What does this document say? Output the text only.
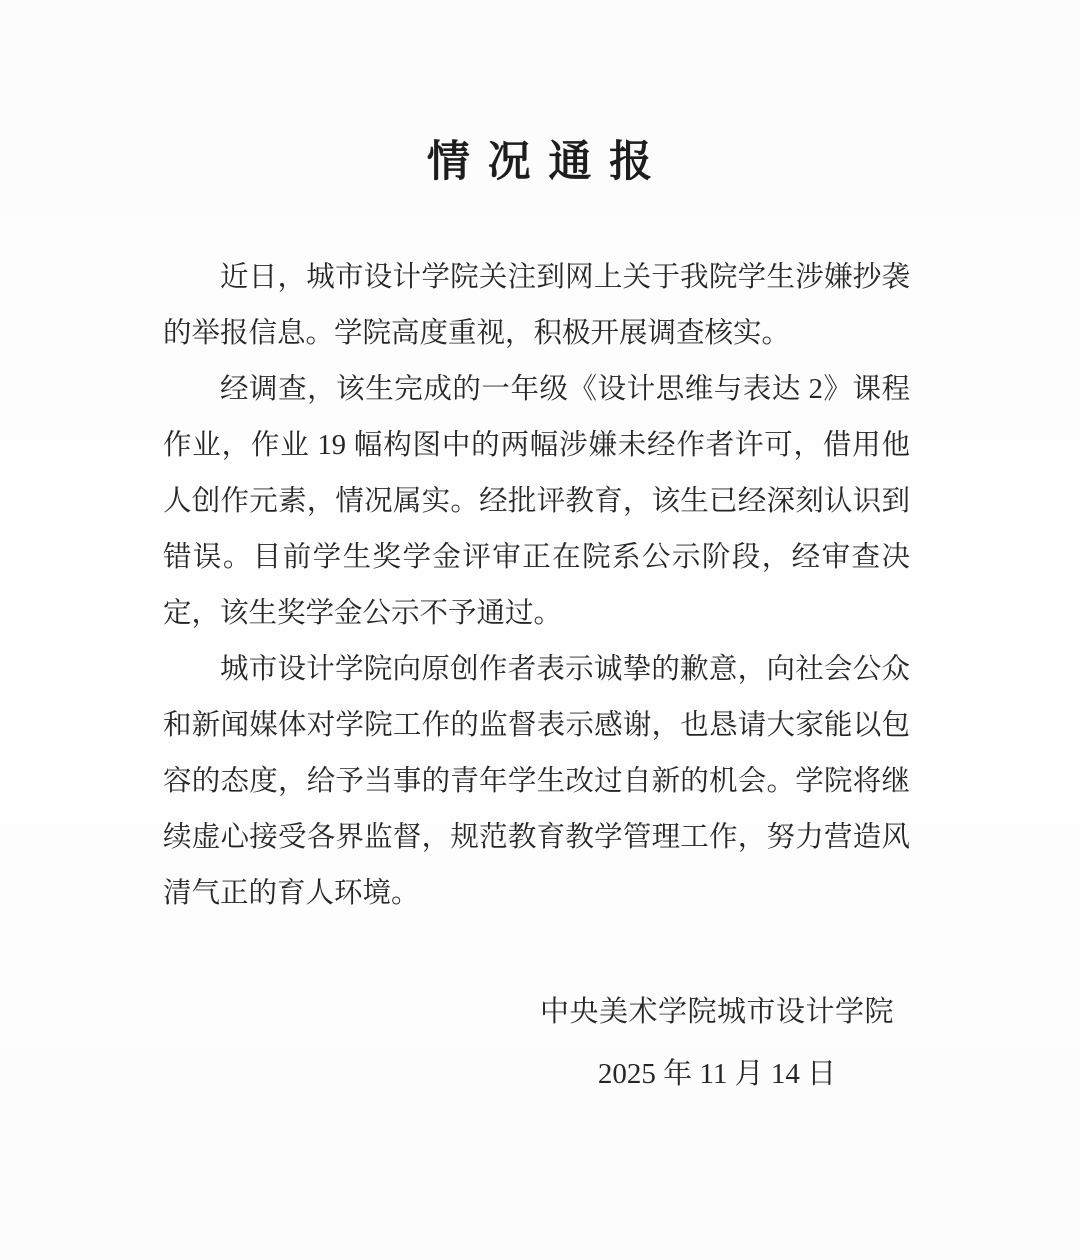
情 况 通 报

近日，城市设计学院关注到网上关于我院学生涉嫌抄袭的举报信息。学院高度重视，积极开展调查核实。

经调查，该生完成的一年级《设计思维与表达 2》课程作业，作业 19 幅构图中的两幅涉嫌未经作者许可，借用他人创作元素，情况属实。经批评教育，该生已经深刻认识到错误。目前学生奖学金评审正在院系公示阶段，经审查决定，该生奖学金公示不予通过。

城市设计学院向原创作者表示诚挚的歉意，向社会公众和新闻媒体对学院工作的监督表示感谢，也恳请大家能以包容的态度，给予当事的青年学生改过自新的机会。学院将继续虚心接受各界监督，规范教育教学管理工作，努力营造风清气正的育人环境。

中央美术学院城市设计学院
2025 年 11 月 14 日
